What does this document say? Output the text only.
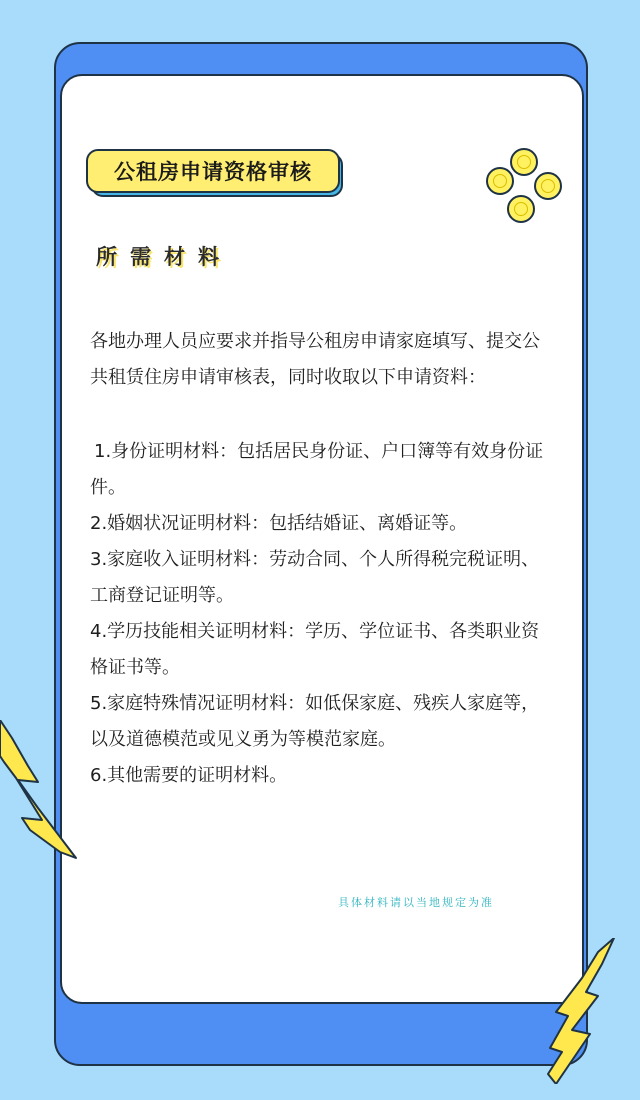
公租房申请资格审核
所需材料
各地办理人员应要求并指导公租房申请家庭填写、提交公共租赁住房申请审核表，同时收取以下申请资料：
1.身份证明材料：包括居民身份证、户口簿等有效身份证件。
2.婚姻状况证明材料：包括结婚证、离婚证等。
3.家庭收入证明材料：劳动合同、个人所得税完税证明、工商登记证明等。
4.学历技能相关证明材料：学历、学位证书、各类职业资格证书等。
5.家庭特殊情况证明材料：如低保家庭、残疾人家庭等，以及道德模范或见义勇为等模范家庭。
6.其他需要的证明材料。
具体材料请以当地规定为准
